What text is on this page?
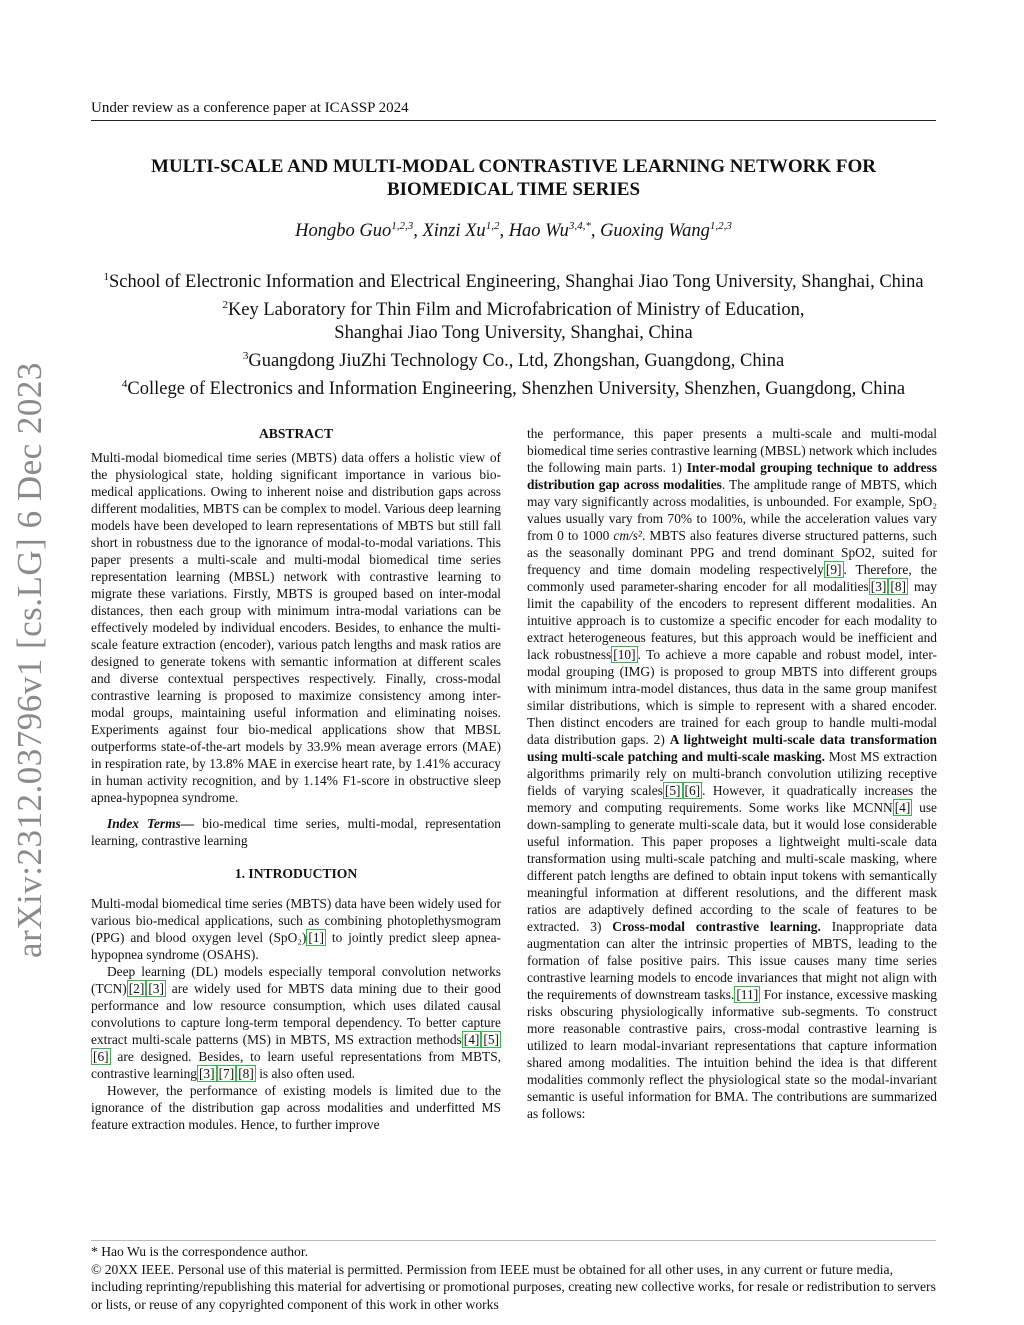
Under review as a conference paper at ICASSP 2024
MULTI-SCALE AND MULTI-MODAL CONTRASTIVE LEARNING NETWORK FOR
BIOMEDICAL TIME SERIES
Hongbo Guo$^{1,2,3}$, Xinzi Xu$^{1,2}$, Hao $Wu^{3,4,*}$, Guoxing Wang$^{1,2,3}$
$^1$School of Electronic Information and Electrical Engineering, Shanghai Jiao Tong University, Shanghai, China
$^2$Key Laboratory for Thin Film and Microfabrication of Ministry of Education,
Shanghai Jiao Tong University, Shanghai, China
$^3$Guangdong JiuZhi Technology Co., Ltd, Zhongshan, Guangdong, China
$^4$College of Electronics and Information Engineering, Shenzhen University, Shenzhen, Guangdong, China
arXiv:2312.03796v1 [cs.LG] 6 Dec 2023	ABSTRACT

Multi-modal biomedical time series (MBTS) data offers a holistic view of the physiological state, holding significant importance in various bio-medical applications. Owing to inherent noise and distribution gaps across different modalities, MBTS can be complex to model. Various deep learning models have been developed to learn representations of MBTS but still fall short in robustness due to the ignorance of modal-to-modal variations. This paper presents a multi-scale and multi-modal biomedical time series representation learning (MBSL) network with contrastive learning to migrate these variations. Firstly, MBTS is grouped based on inter-modal distances, then each group with minimum intra-modal variations can be effectively modeled by individual encoders. Besides, to enhance the multi-scale feature extraction (encoder), various patch lengths and mask ratios are designed to generate tokens with semantic information at different scales and diverse contextual perspectives respectively. Finally, cross-modal contrastive learning is proposed to maximize consistency among inter-modal groups, maintaining useful information and eliminating noises. Experiments against four bio-medical applications show that MBSL outperforms state-of-the-art models by 33.9% mean average errors (MAE) in respiration rate, by 13.8% MAE in exercise heart rate, by 1.41% accuracy in human activity recognition, and by 1.14% F1-score in obstructive sleep apnea-hypopnea syndrome.

Index Terms— bio-medical time series, multi-modal, representation learning, contrastive learning

1. INTRODUCTION

Multi-modal biomedical time series (MBTS) data have been widely used for various bio-medical applications, such as combining photoplethysmogram (PPG) and blood oxygen level (SpO₂) [1] to jointly predict sleep apnea-hypopnea syndrome (OSAHS).

Deep learning (DL) models especially temporal convolution networks (TCN) [2] [3] are widely used for MBTS data mining due to their good performance and low resource consumption, which uses dilated causal convolutions to capture long-term temporal dependency. To better capture extract multi-scale patterns (MS) in MBTS, MS extraction methods [4] [5][6] are designed. Besides, to learn useful representations from MBTS, contrastive learning [3] [7] [8] is also often used.

However, the performance of existing models is limited due to the ignorance of the distribution gap across modalities and underfitted MS feature extraction modules. Hence, to further improve

the performance, this paper presents a multi-scale and multi-modal biomedical time series contrastive learning (MBSL) network which includes the following main parts. 1) Inter-modal grouping technique to address distribution gap across modalities. The amplitude range of MBTS, which may vary significantly across modalities, is unbounded. For example, SpO₂ values usually vary from 70% to 100%, while the acceleration values vary from 0 to 1000 cm/s². MBTS also features diverse structured patterns, such as the seasonally dominant PPG and trend dominant SpO2, suited for frequency and time domain modeling respectively [9] . Therefore, the commonly used parameter-sharing encoder for all modalities [3] [8] may limit the capability of the encoders to represent different modalities. An intuitive approach is to customize a specific encoder for each modality to extract heterogeneous features, but this approach would be inefficient and lack robustness [10] . To achieve a more capable and robust model, inter-modal grouping (IMG) is proposed to group MBTS into different groups with minimum intra-model distances, thus data in the same group manifest similar distributions, which is simple to represent with a shared encoder. Then distinct encoders are trained for each group to handle multi-modal data distribution gaps. 2) A lightweight multi-scale data transformation using multi-scale patching and multi-scale masking. Most MS extraction algorithms primarily rely on multi-branch convolution utilizing receptive fields of varying scales [5] [6] . However, it quadratically increases the memory and computing requirements. Some works like MCNN [4] use down-sampling to generate multi-scale data, but it would lose considerable useful information. This paper proposes a lightweight multi-scale data transformation using multi-scale patching and multi-scale masking, where different patch lengths are defined to obtain input tokens with semantically meaningful information at different resolutions, and the different mask ratios are adaptively defined according to the scale of features to be extracted. 3) Cross-modal contrastive learning. Inappropriate data augmentation can alter the intrinsic properties of MBTS, leading to the formation of false positive pairs. This issue causes many time series contrastive learning models to encode invariances that might not align with the requirements of downstream tasks. [11] For instance, excessive masking risks obscuring physiologically informative sub-segments. To construct more reasonable contrastive pairs, cross-modal contrastive learning is utilized to learn modal-invariant representations that capture information shared among modalities. The intuition behind the idea is that different modalities commonly reflect the physiological state so the modal-invariant semantic is useful information for BMA. The contributions are summarized as follows:

* Hao Wu is the correspondence author.
© 20XX IEEE. Personal use of this material is permitted. Permission from IEEE must be obtained for all other uses, in any current or future media, including reprinting/republishing this material for advertising or promotional purposes, creating new collective works, for resale or redistribution to servers or lists, or reuse of any copyrighted component of this work in other works
